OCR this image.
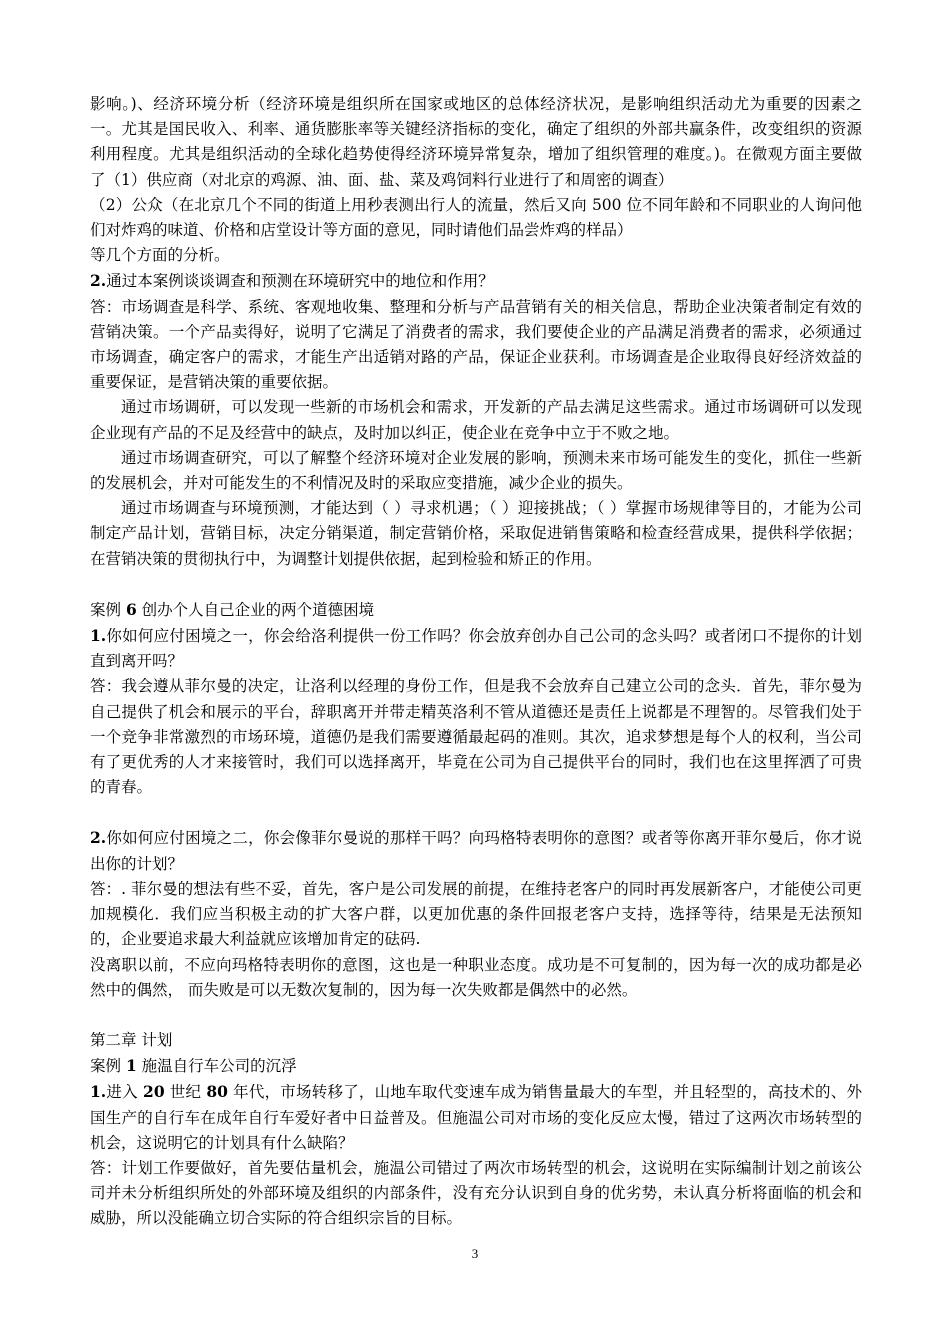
影响。)、经济环境分析（经济环境是组织所在国家或地区的总体经济状况，是影响组织活动尤为重要的因素之一。尤其是国民收入、利率、通货膨胀率等关键经济指标的变化，确定了组织的外部共赢条件，改变组织的资源利用程度。尤其是组织活动的全球化趋势使得经济环境异常复杂，增加了组织管理的难度。)。在微观方面主要做了（1）供应商（对北京的鸡源、油、面、盐、菜及鸡饲料行业进行了和周密的调查）

（2）公众（在北京几个不同的街道上用秒表测出行人的流量，然后又向 500 位不同年龄和不同职业的人询问他们对炸鸡的味道、价格和店堂设计等方面的意见，同时请他们品尝炸鸡的样品）

等几个方面的分析。

2.通过本案例谈谈调查和预测在环境研究中的地位和作用？

答：市场调查是科学、系统、客观地收集、整理和分析与产品营销有关的相关信息，帮助企业决策者制定有效的营销决策。一个产品卖得好，说明了它满足了消费者的需求，我们要使企业的产品满足消费者的需求，必须通过市场调查，确定客户的需求，才能生产出适销对路的产品，保证企业获利。市场调查是企业取得良好经济效益的重要保证，是营销决策的重要依据。

通过市场调研，可以发现一些新的市场机会和需求，开发新的产品去满足这些需求。通过市场调研可以发现企业现有产品的不足及经营中的缺点，及时加以纠正，使企业在竞争中立于不败之地。

通过市场调查研究，可以了解整个经济环境对企业发展的影响，预测未来市场可能发生的变化，抓住一些新的发展机会，并对可能发生的不利情况及时的采取应变措施，减少企业的损失。

通过市场调查与环境预测，才能达到（ ）寻求机遇；（ ）迎接挑战；（ ）掌握市场规律等目的，才能为公司制定产品计划，营销目标，决定分销渠道，制定营销价格，采取促进销售策略和检查经营成果，提供科学依据；在营销决策的贯彻执行中，为调整计划提供依据，起到检验和矫正的作用。

案例 6 创办个人自己企业的两个道德困境

1.你如何应付困境之一，你会给洛利提供一份工作吗？你会放弃创办自己公司的念头吗？或者闭口不提你的计划直到离开吗？

答：我会遵从菲尔曼的决定，让洛利以经理的身份工作，但是我不会放弃自己建立公司的念头．首先，菲尔曼为自己提供了机会和展示的平台，辞职离开并带走精英洛利不管从道德还是责任上说都是不理智的。尽管我们处于一个竞争非常激烈的市场环境，道德仍是我们需要遵循最起码的准则。其次，追求梦想是每个人的权利，当公司有了更优秀的人才来接管时，我们可以选择离开，毕竟在公司为自己提供平台的同时，我们也在这里挥洒了可贵的青春。

2.你如何应付困境之二，你会像菲尔曼说的那样干吗？向玛格特表明你的意图？或者等你离开菲尔曼后，你才说出你的计划？

答：. 菲尔曼的想法有些不妥，首先，客户是公司发展的前提，在维持老客户的同时再发展新客户，才能使公司更加规模化．我们应当积极主动的扩大客户群，以更加优惠的条件回报老客户支持，选择等待，结果是无法预知的，企业要追求最大利益就应该增加肯定的砝码.

没离职以前，不应向玛格特表明你的意图，这也是一种职业态度。成功是不可复制的，因为每一次的成功都是必然中的偶然， 而失败是可以无数次复制的，因为每一次失败都是偶然中的必然。

第二章 计划

案例 1 施温自行车公司的沉浮

1.进入 20 世纪 80 年代，市场转移了，山地车取代变速车成为销售量最大的车型，并且轻型的，高技术的、外国生产的自行车在成年自行车爱好者中日益普及。但施温公司对市场的变化反应太慢，错过了这两次市场转型的机会，这说明它的计划具有什么缺陷？

答：计划工作要做好，首先要估量机会，施温公司错过了两次市场转型的机会，这说明在实际编制计划之前该公司并未分析组织所处的外部环境及组织的内部条件，没有充分认识到自身的优劣势，未认真分析将面临的机会和威胁，所以没能确立切合实际的符合组织宗旨的目标。

3
